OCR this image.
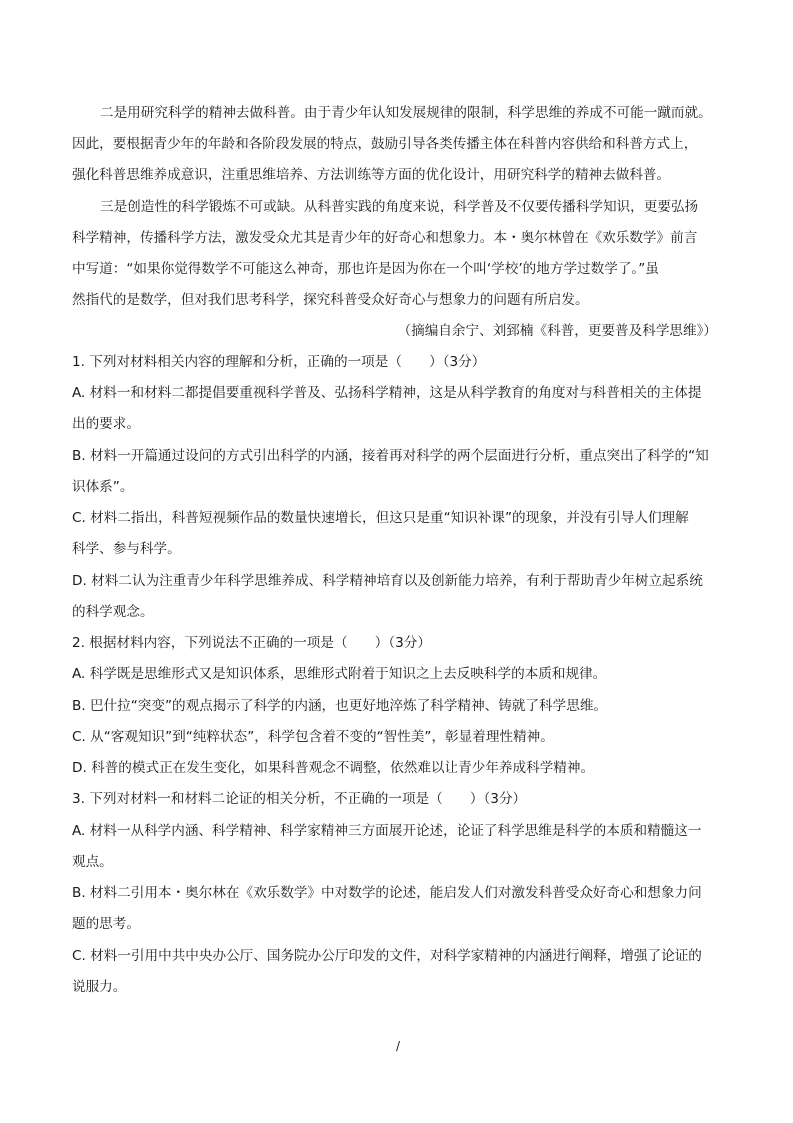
二是用研究科学的精神去做科普。由于青少年认知发展规律的限制，科学思维的养成不可能一蹴而就。
因此，要根据青少年的年龄和各阶段发展的特点，鼓励引导各类传播主体在科普内容供给和科普方式上，
强化科普思维养成意识，注重思维培养、方法训练等方面的优化设计，用研究科学的精神去做科普。
三是创造性的科学锻炼不可或缺。从科普实践的角度来说，科学普及不仅要传播科学知识，更要弘扬
科学精神，传播科学方法，激发受众尤其是青少年的好奇心和想象力。本・奥尔林曾在《欢乐数学》前言
中写道：“如果你觉得数学不可能这么神奇，那也许是因为你在一个叫‘学校’的地方学过数学了。”虽
然指代的是数学，但对我们思考科学，探究科普受众好奇心与想象力的问题有所启发。
（摘编自余宁、刘郅楠《科普，更要普及科学思维》）
1. 下列对材料相关内容的理解和分析，正确的一项是（　　）（3分）
A. 材料一和材料二都提倡要重视科学普及、弘扬科学精神，这是从科学教育的角度对与科普相关的主体提
出的要求。
B. 材料一开篇通过设问的方式引出科学的内涵，接着再对科学的两个层面进行分析，重点突出了科学的“知
识体系”。
C. 材料二指出，科普短视频作品的数量快速增长，但这只是重“知识补课”的现象，并没有引导人们理解
科学、参与科学。
D. 材料二认为注重青少年科学思维养成、科学精神培育以及创新能力培养，有利于帮助青少年树立起系统
的科学观念。
2. 根据材料内容，下列说法不正确的一项是（　　）（3分）
A. 科学既是思维形式又是知识体系，思维形式附着于知识之上去反映科学的本质和规律。
B. 巴什拉“突变”的观点揭示了科学的内涵，也更好地淬炼了科学精神、铸就了科学思维。
C. 从“客观知识”到“纯粹状态”，科学包含着不变的“智性美”，彰显着理性精神。
D. 科普的模式正在发生变化，如果科普观念不调整，依然难以让青少年养成科学精神。
3. 下列对材料一和材料二论证的相关分析，不正确的一项是（　　）（3分）
A. 材料一从科学内涵、科学精神、科学家精神三方面展开论述，论证了科学思维是科学的本质和精髓这一
观点。
B. 材料二引用本・奥尔林在《欢乐数学》中对数学的论述，能启发人们对激发科普受众好奇心和想象力问
题的思考。
C. 材料一引用中共中央办公厅、国务院办公厅印发的文件，对科学家精神的内涵进行阐释，增强了论证的
说服力。
/
